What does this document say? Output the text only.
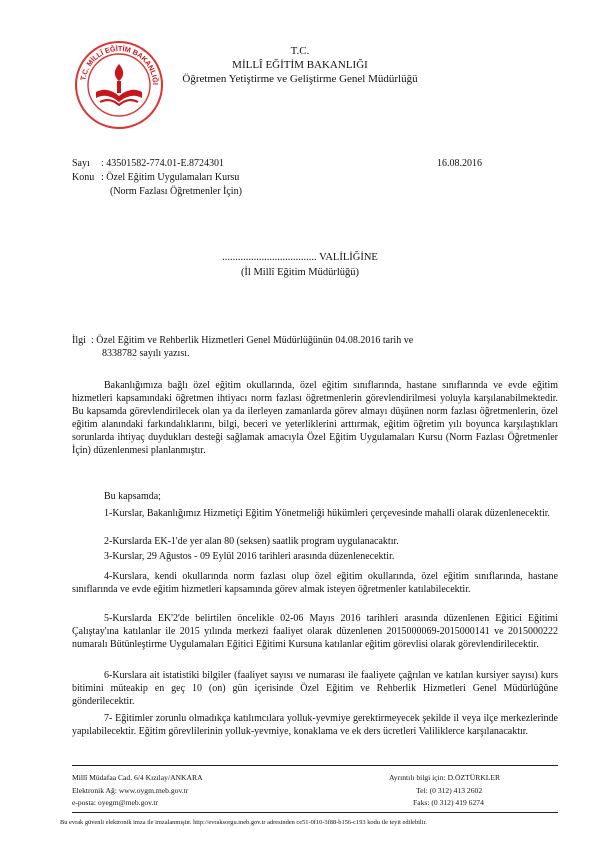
T.C. MİLLÎ EĞİTİM BAKANLIĞI
T.C.
MİLLÎ EĞİTİM BAKANLIĞI
Öğretmen Yetiştirme ve Geliştirme Genel Müdürlüğü
Sayı : 43501582-774.01-E.8724301	16.08.2016
Konu : Özel Eğitim Uygulamaları Kursu
(Norm Fazlası Öğretmenler İçin)
.................................... VALİLİĞİNE
(İl Millî Eğitim Müdürlüğü)
İlgi : Özel Eğitim ve Rehberlik Hizmetleri Genel Müdürlüğünün 04.08.2016 tarih ve
8338782 sayılı yazısı.
Bakanlığımıza bağlı özel eğitim okullarında, özel eğitim sınıflarında, hastane sınıflarında ve evde eğitim hizmetleri kapsamındaki öğretmen ihtiyacı norm fazlası öğretmenlerin görevlendirilmesi yoluyla karşılanabilmektedir. Bu kapsamda görevlendirilecek olan ya da ilerleyen zamanlarda görev almayı düşünen norm fazlası öğretmenlerin, özel eğitim alanındaki farkındalıklarını, bilgi, beceri ve yeterliklerini arttırmak, eğitim öğretim yılı boyunca karşılaştıkları sorunlarda ihtiyaç duydukları desteği sağlamak amacıyla Özel Eğitim Uygulamaları Kursu (Norm Fazlası Öğretmenler İçin) düzenlenmesi planlanmıştır.
Bu kapsamda;
1-Kurslar, Bakanlığımız Hizmetiçi Eğitim Yönetmeliği hükümleri çerçevesinde mahalli olarak düzenlenecektir.
2-Kurslarda EK-1'de yer alan 80 (seksen) saatlik program uygulanacaktır.
3-Kurslar, 29 Ağustos - 09 Eylül 2016 tarihleri arasında düzenlenecektir.
4-Kurslara, kendi okullarında norm fazlası olup özel eğitim okullarında, özel eğitim sınıflarında, hastane sınıflarında ve evde eğitim hizmetleri kapsamında görev almak isteyen öğretmenler katılabilecektir.
5-Kurslarda EK'2'de belirtilen öncelikle 02-06 Mayıs 2016 tarihleri arasında düzenlenen Eğitici Eğitimi Çalıştay'ına katılanlar ile 2015 yılında merkezi faaliyet olarak düzenlenen 2015000069-2015000141 ve 2015000222 numaralı Bütünleştirme Uygulamaları Eğitici Eğitimi Kursuna katılanlar eğitim görevlisi olarak görevlendirilecektir.
6-Kurslara ait istatistiki bilgiler (faaliyet sayısı ve numarası ile faaliyete çağrılan ve katılan kursiyer sayısı) kurs bitimini müteakip en geç 10 (on) gün içerisinde Özel Eğitim ve Rehberlik Hizmetleri Genel Müdürlüğüne gönderilecektir.
7- Eğitimler zorunlu olmadıkça katılımcılara yolluk-yevmiye gerektirmeyecek şekilde il veya ilçe merkezlerinde yapılabilecektir. Eğitim görevlilerinin yolluk-yevmiye, konaklama ve ek ders ücretleri Valiliklerce karşılanacaktır.
Millî Müdafaa Cad. 6/4 Kızılay/ANKARA
Elektronik Ağ: www.oygm.meb.gov.tr
e-posta: oyegm@meb.gov.tr
Ayrıntılı bilgi için: D.ÖZTÜRKLER
Tel: (0 312) 413 2602
Faks: (0 312) 419 6274
Bu evrak güvenli elektronik imza ile imzalanmıştır. http://evraksorgu.meb.gov.tr adresinden ce51-0f10-3f88-b156-c193 kodu ile teyit edilebilir.
